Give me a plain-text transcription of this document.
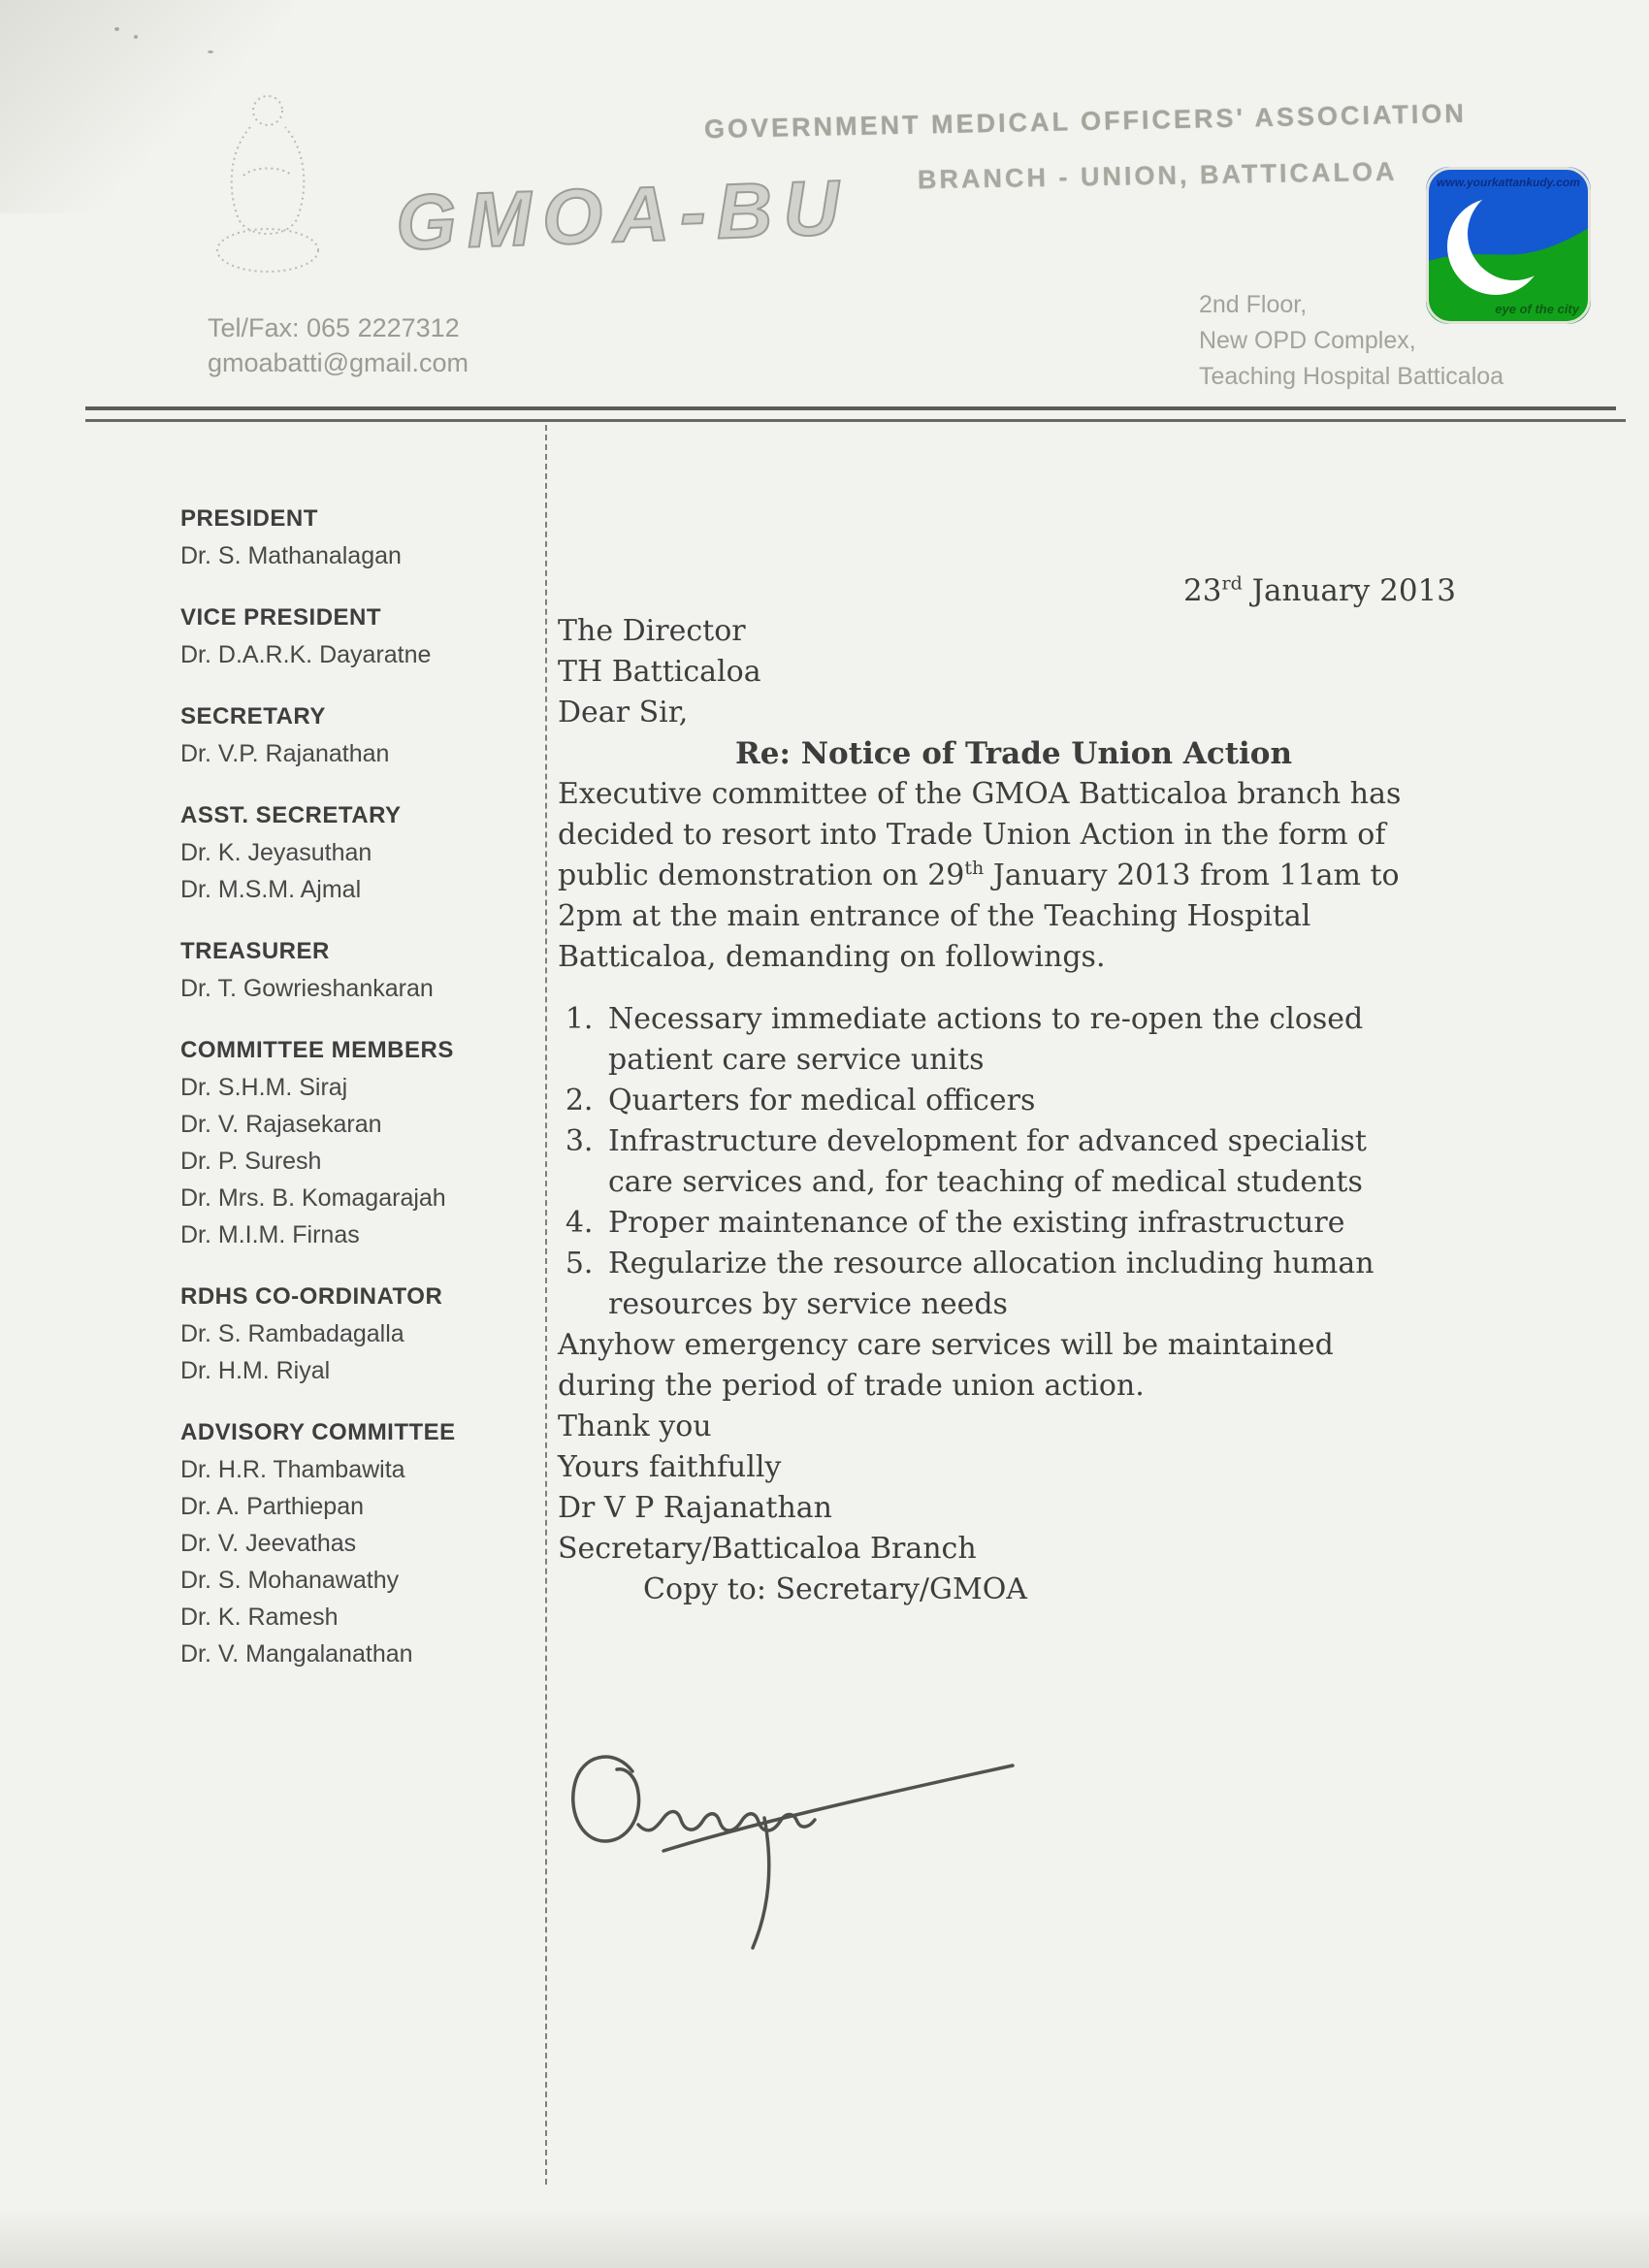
GMOA-BU
GOVERNMENT MEDICAL OFFICERS' ASSOCIATION
BRANCH - UNION, BATTICALOA
Tel/Fax: 065 2227312
gmoabatti@gmail.com
2nd Floor,
New OPD Complex,
Teaching Hospital Batticaloa
www.yourkattankudy.com
eye of the city
PRESIDENT
Dr. S. Mathanalagan
VICE PRESIDENT
Dr. D.A.R.K. Dayaratne
SECRETARY
Dr. V.P. Rajanathan
ASST. SECRETARY
Dr. K. Jeyasuthan
Dr. M.S.M. Ajmal
TREASURER
Dr. T. Gowrieshankaran
COMMITTEE MEMBERS
Dr. S.H.M. Siraj
Dr. V. Rajasekaran
Dr. P. Suresh
Dr. Mrs. B. Komagarajah
Dr. M.I.M. Firnas
RDHS CO-ORDINATOR
Dr. S. Rambadagalla
Dr. H.M. Riyal
ADVISORY COMMITTEE
Dr. H.R. Thambawita
Dr. A. Parthiepan
Dr. V. Jeevathas
Dr. S. Mohanawathy
Dr. K. Ramesh
Dr. V. Mangalanathan
23rd January 2013

The Director

TH Batticaloa

Dear Sir,

Re: Notice of Trade Union Action

Executive committee of the GMOA Batticaloa branch has decided to resort into Trade Union Action in the form of public demonstration on 29th January 2013 from 11am to 2pm at the main entrance of the Teaching Hospital Batticaloa, demanding on followings.

1. Necessary immediate actions to re-open the closed patient care service units
2. Quarters for medical officers
3. Infrastructure development for advanced specialist care services and, for teaching of medical students
4. Proper maintenance of the existing infrastructure
5. Regularize the resource allocation including human resources by service needs

Anyhow emergency care services will be maintained during the period of trade union action.

Thank you

Yours faithfully

Dr V P Rajanathan

Secretary/Batticaloa Branch

Copy to: Secretary/GMOA
